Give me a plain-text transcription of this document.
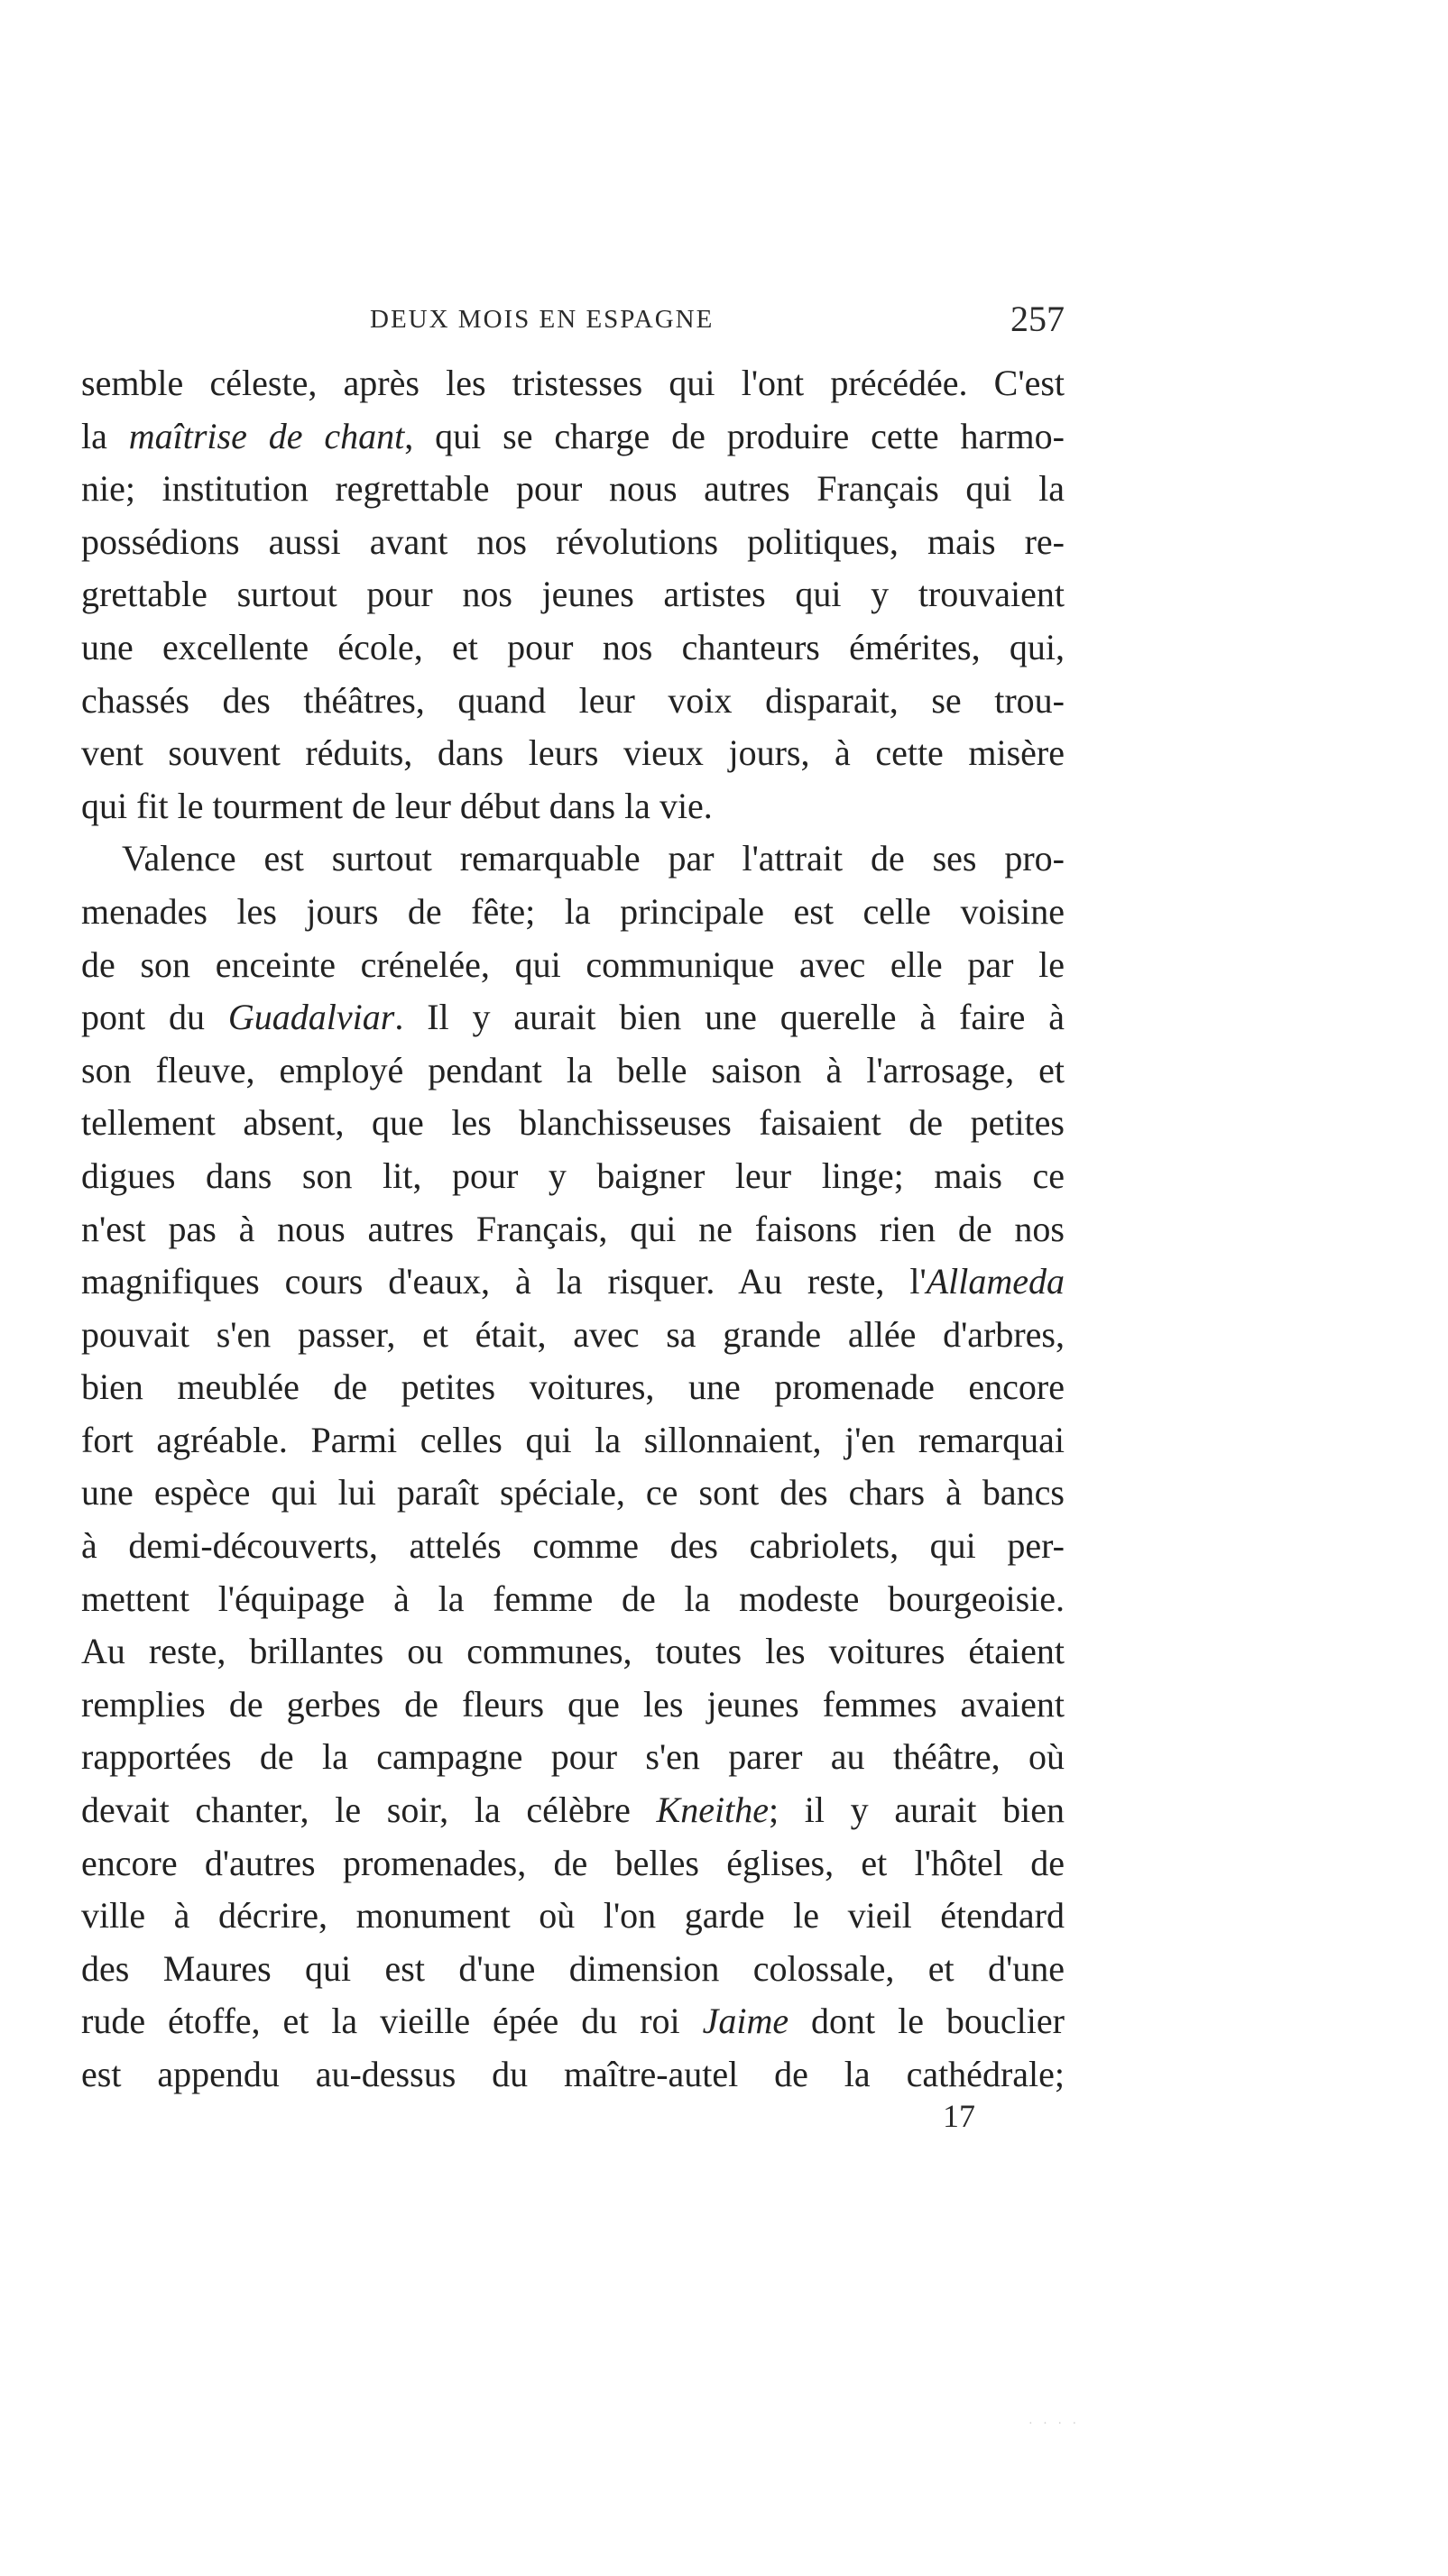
DEUX MOIS EN ESPAGNE	257
semble céleste, après les tristesses qui l'ont précédée. C'est
la maîtrise de chant, qui se charge de produire cette harmo-
nie; institution regrettable pour nous autres Français qui la
possédions aussi avant nos révolutions politiques, mais re-
grettable surtout pour nos jeunes artistes qui y trouvaient
une excellente école, et pour nos chanteurs émérites, qui,
chassés des théâtres, quand leur voix disparait, se trou-
vent souvent réduits, dans leurs vieux jours, à cette misère
qui fit le tourment de leur début dans la vie.
Valence est surtout remarquable par l'attrait de ses pro-
menades les jours de fête; la principale est celle voisine
de son enceinte crénelée, qui communique avec elle par le
pont du Guadalviar. Il y aurait bien une querelle à faire à
son fleuve, employé pendant la belle saison à l'arrosage, et
tellement absent, que les blanchisseuses faisaient de petites
digues dans son lit, pour y baigner leur linge; mais ce
n'est pas à nous autres Français, qui ne faisons rien de nos
magnifiques cours d'eaux, à la risquer. Au reste, l'Allameda
pouvait s'en passer, et était, avec sa grande allée d'arbres,
bien meublée de petites voitures, une promenade encore
fort agréable. Parmi celles qui la sillonnaient, j'en remarquai
une espèce qui lui paraît spéciale, ce sont des chars à bancs
à demi-découverts, attelés comme des cabriolets, qui per-
mettent l'équipage à la femme de la modeste bourgeoisie.
Au reste, brillantes ou communes, toutes les voitures étaient
remplies de gerbes de fleurs que les jeunes femmes avaient
rapportées de la campagne pour s'en parer au théâtre, où
devait chanter, le soir, la célèbre Kneithe; il y aurait bien
encore d'autres promenades, de belles églises, et l'hôtel de
ville à décrire, monument où l'on garde le vieil étendard
des Maures qui est d'une dimension colossale, et d'une
rude étoffe, et la vieille épée du roi Jaime dont le bouclier
est appendu au-dessus du maître-autel de la cathédrale;
17
· · · ·
